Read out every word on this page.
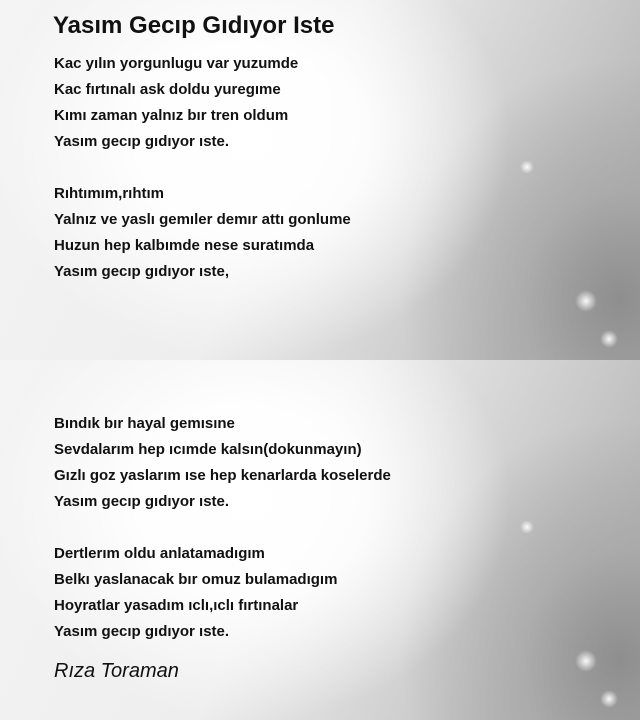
Yasım Gecıp Gıdıyor Iste
Kac yılın yorgunlugu var yuzumde
Kac fırtınalı ask doldu yuregıme
Kımı zaman yalnız bır tren oldum
Yasım gecıp gıdıyor ıste.
Rıhtımım,rıhtım
Yalnız ve yaslı gemıler demır attı gonlume
Huzun hep kalbımde nese suratımda
Yasım gecıp gıdıyor ıste,
Bındık bır hayal gemısıne
Sevdalarım hep ıcımde kalsın(dokunmayın)
Gızlı goz yaslarım ıse hep kenarlarda koselerde
Yasım gecıp gıdıyor ıste.
Dertlerım oldu anlatamadıgım
Belkı yaslanacak bır omuz bulamadıgım
Hoyratlar yasadım ıclı,ıclı fırtınalar
Yasım gecıp gıdıyor ıste.
Rıza Toraman
